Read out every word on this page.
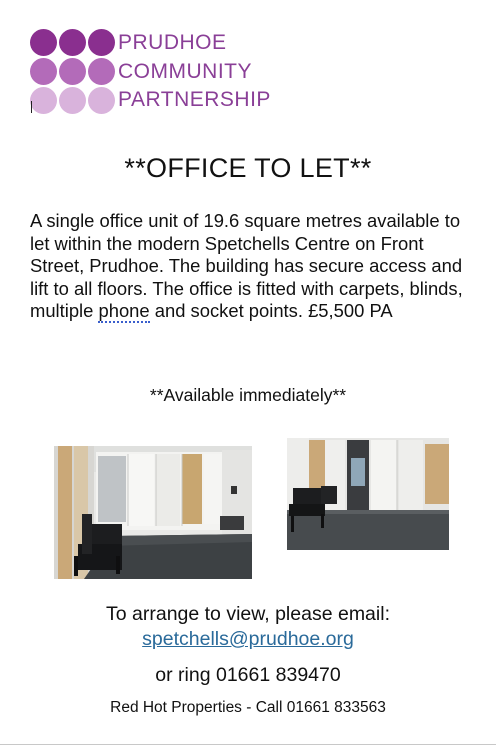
PRUDHOE
COMMUNITY
PARTNERSHIP
**OFFICE TO LET**
A single office unit of 19.6 square metres available to let within the modern Spetchells Centre on Front Street, Prudhoe. The building has secure access and lift to all floors. The office is fitted with carpets, blinds, multiple phone and socket points. £5,500 PA
**Available immediately**
To arrange to view, please email:
spetchells@prudhoe.org
or ring 01661 839470
Red Hot Properties - Call 01661 833563
